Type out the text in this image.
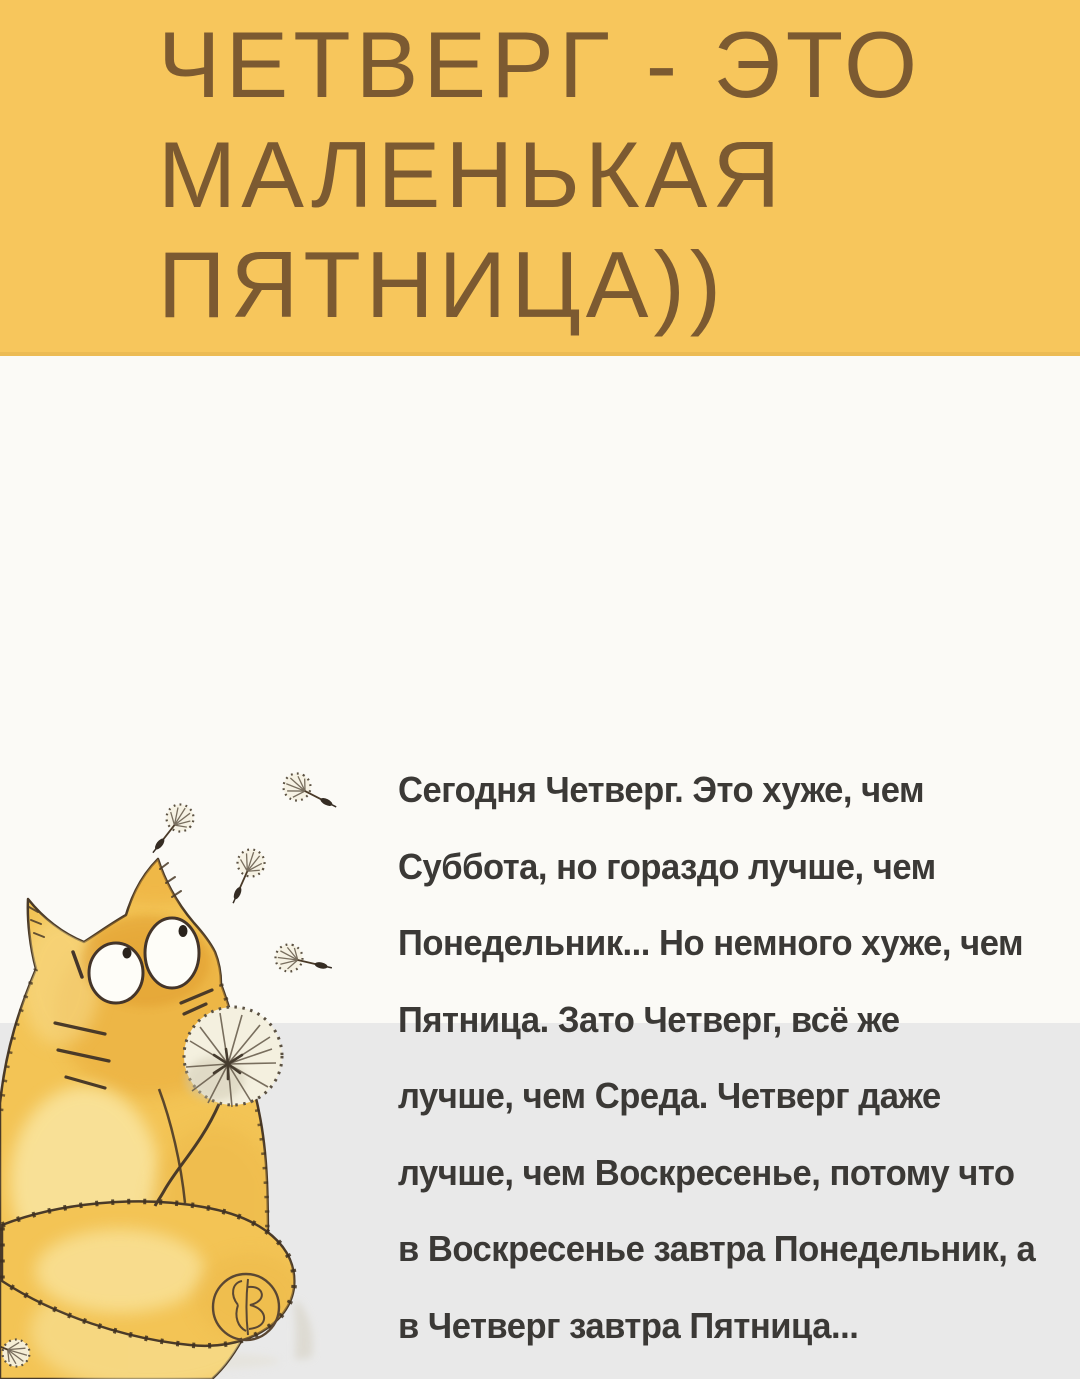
ЧЕТВЕРГ - ЭТО
МАЛЕНЬКАЯ
ПЯТНИЦА))
Сегодня Четверг. Это хуже, чем
Суббота, но гораздо лучше, чем
Понедельник... Но немного хуже, чем
Пятница. Зато Четверг, всё же
лучше, чем Среда. Четверг даже
лучше, чем Воскресенье, потому что
в Воскресенье завтра Понедельник, а
в Четверг завтра Пятница...
